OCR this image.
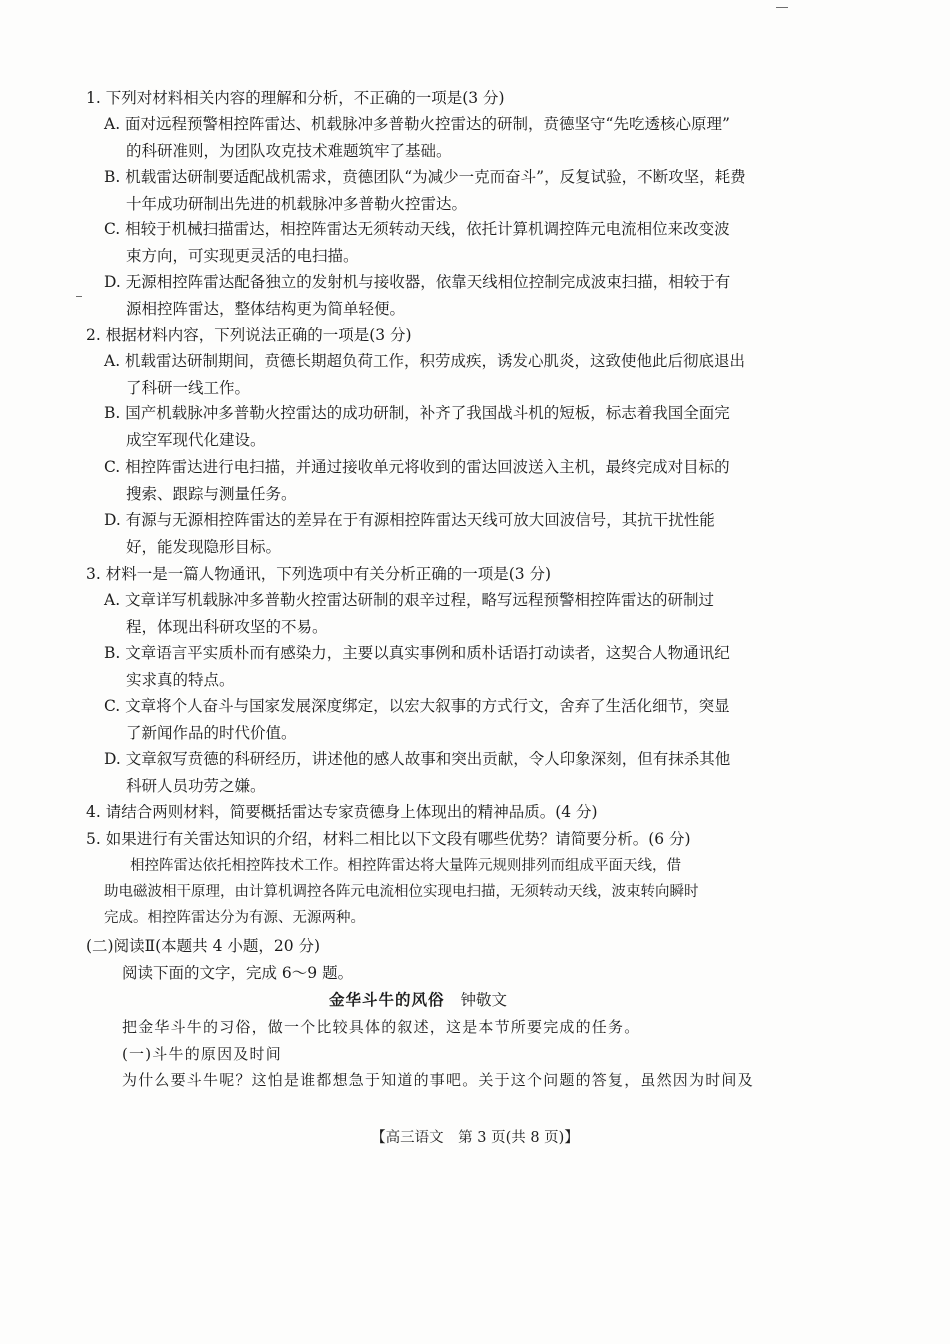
1. 下列对材料相关内容的理解和分析，不正确的一项是(3 分)
A. 面对远程预警相控阵雷达、机载脉冲多普勒火控雷达的研制，贲德坚守“先吃透核心原理”
的科研准则，为团队攻克技术难题筑牢了基础。
B. 机载雷达研制要适配战机需求，贲德团队“为减少一克而奋斗”，反复试验，不断攻坚，耗费
十年成功研制出先进的机载脉冲多普勒火控雷达。
C. 相较于机械扫描雷达，相控阵雷达无须转动天线，依托计算机调控阵元电流相位来改变波
束方向，可实现更灵活的电扫描。
D. 无源相控阵雷达配备独立的发射机与接收器，依靠天线相位控制完成波束扫描，相较于有
源相控阵雷达，整体结构更为简单轻便。
2. 根据材料内容，下列说法正确的一项是(3 分)
A. 机载雷达研制期间，贲德长期超负荷工作，积劳成疾，诱发心肌炎，这致使他此后彻底退出
了科研一线工作。
B. 国产机载脉冲多普勒火控雷达的成功研制，补齐了我国战斗机的短板，标志着我国全面完
成空军现代化建设。
C. 相控阵雷达进行电扫描，并通过接收单元将收到的雷达回波送入主机，最终完成对目标的
搜索、跟踪与测量任务。
D. 有源与无源相控阵雷达的差异在于有源相控阵雷达天线可放大回波信号，其抗干扰性能
好，能发现隐形目标。
3. 材料一是一篇人物通讯，下列选项中有关分析正确的一项是(3 分)
A. 文章详写机载脉冲多普勒火控雷达研制的艰辛过程，略写远程预警相控阵雷达的研制过
程，体现出科研攻坚的不易。
B. 文章语言平实质朴而有感染力，主要以真实事例和质朴话语打动读者，这契合人物通讯纪
实求真的特点。
C. 文章将个人奋斗与国家发展深度绑定，以宏大叙事的方式行文，舍弃了生活化细节，突显
了新闻作品的时代价值。
D. 文章叙写贲德的科研经历，讲述他的感人故事和突出贡献，令人印象深刻，但有抹杀其他
科研人员功劳之嫌。
4. 请结合两则材料，简要概括雷达专家贲德身上体现出的精神品质。(4 分)
5. 如果进行有关雷达知识的介绍，材料二相比以下文段有哪些优势？请简要分析。(6 分)
相控阵雷达依托相控阵技术工作。相控阵雷达将大量阵元规则排列而组成平面天线，借
助电磁波相干原理，由计算机调控各阵元电流相位实现电扫描，无须转动天线，波束转向瞬时
完成。相控阵雷达分为有源、无源两种。
(二)阅读Ⅱ(本题共 4 小题，20 分)
阅读下面的文字，完成 6～9 题。
金华斗牛的风俗 钟敬文
把金华斗牛的习俗，做一个比较具体的叙述，这是本节所要完成的任务。
(一)斗牛的原因及时间
为什么要斗牛呢？这怕是谁都想急于知道的事吧。关于这个问题的答复，虽然因为时间及
【高三语文　第 3 页(共 8 页)】
